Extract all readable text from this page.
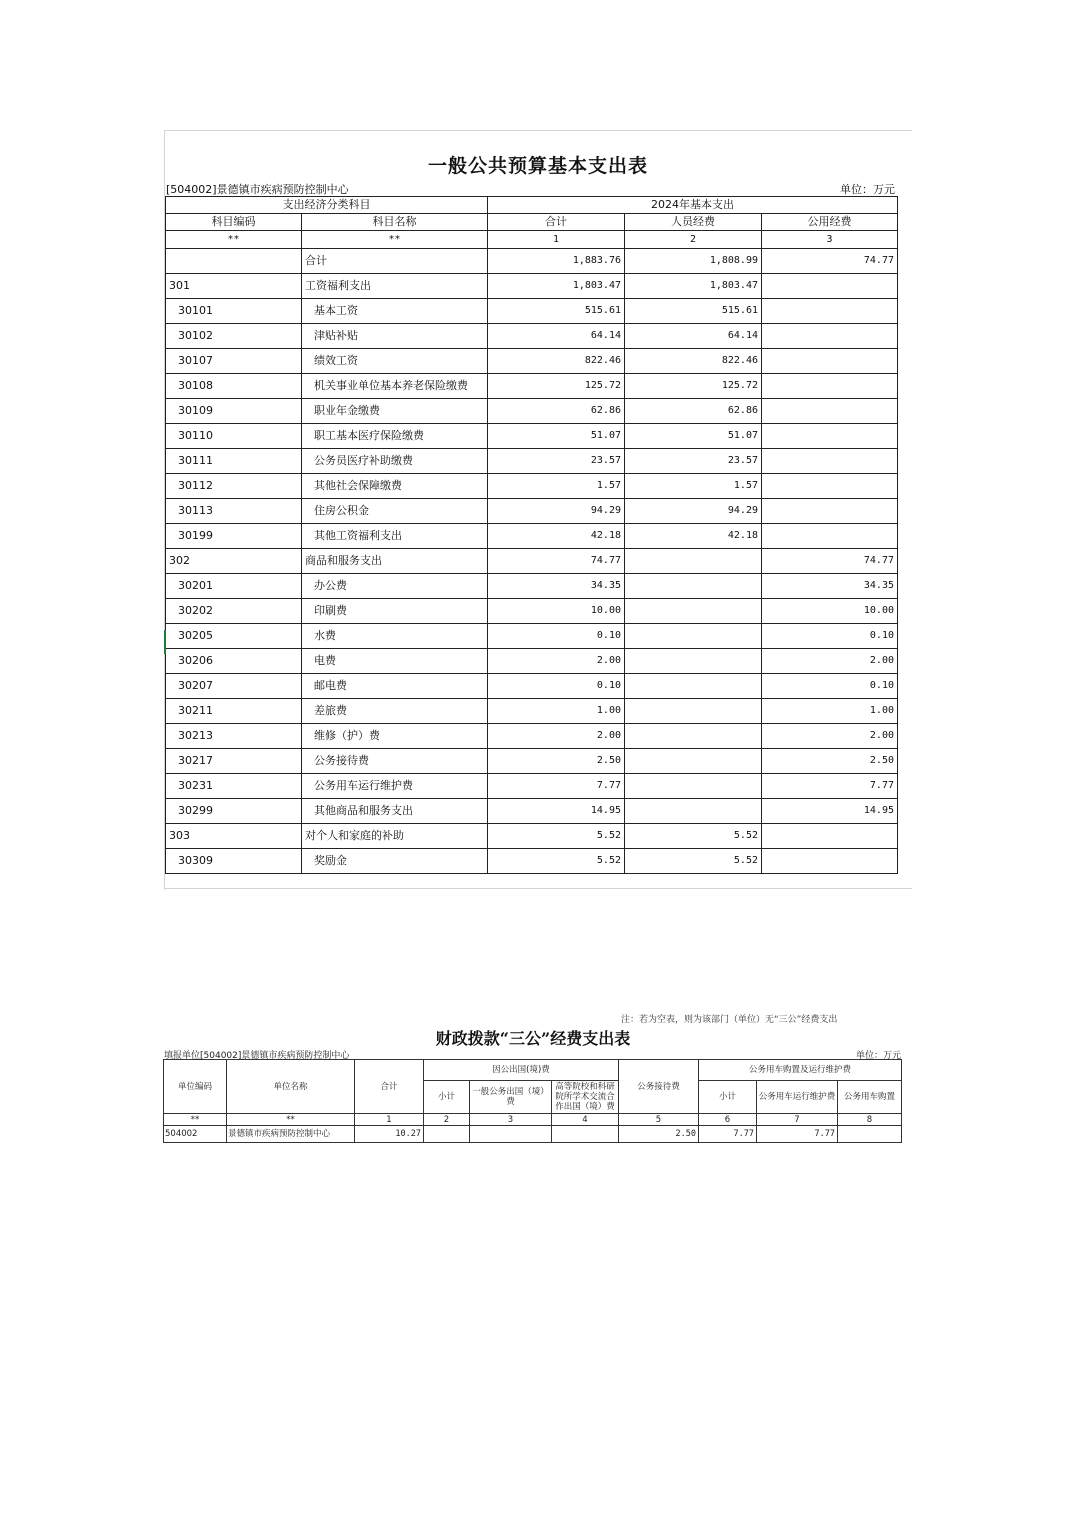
一般公共预算基本支出表
[504002]景德镇市疾病预防控制中心	单位：万元
支出经济分类科目		2024年基本支出		
科目编码	科目名称	合计	人员经费	公用经费
**	**	1	2	3
	合计	1,883.76	1,808.99	74.77
301	工资福利支出	1,803.47	1,803.47	
30101	基本工资	515.61	515.61	
30102	津贴补贴	64.14	64.14	
30107	绩效工资	822.46	822.46	
30108	机关事业单位基本养老保险缴费	125.72	125.72	
30109	职业年金缴费	62.86	62.86	
30110	职工基本医疗保险缴费	51.07	51.07	
30111	公务员医疗补助缴费	23.57	23.57	
30112	其他社会保障缴费	1.57	1.57	
30113	住房公积金	94.29	94.29	
30199	其他工资福利支出	42.18	42.18	
302	商品和服务支出	74.77		74.77
30201	办公费	34.35		34.35
30202	印刷费	10.00		10.00
30205	水费	0.10		0.10
30206	电费	2.00		2.00
30207	邮电费	0.10		0.10
30211	差旅费	1.00		1.00
30213	维修（护）费	2.00		2.00
30217	公务接待费	2.50		2.50
30231	公务用车运行维护费	7.77		7.77
30299	其他商品和服务支出	14.95		14.95
303	对个人和家庭的补助	5.52	5.52	
30309	奖励金	5.52	5.52	
注：若为空表，则为该部门（单位）无“三公”经费支出
财政拨款“三公”经费支出表
填报单位[504002]景德镇市疾病预防控制中心	单位：万元
单位编码	单位名称	合计	因公出国(境)费			公务接待费	公务用车购置及运行维护费		
			小计	一般公务出国（境）费	高等院校和科研院所学术交流合作出国（境）费		小计	公务用车运行维护费	公务用车购置
**	**	1	2	3	4	5	6	7	8
504002	景德镇市疾病预防控制中心	10.27				2.50	7.77	7.77	
